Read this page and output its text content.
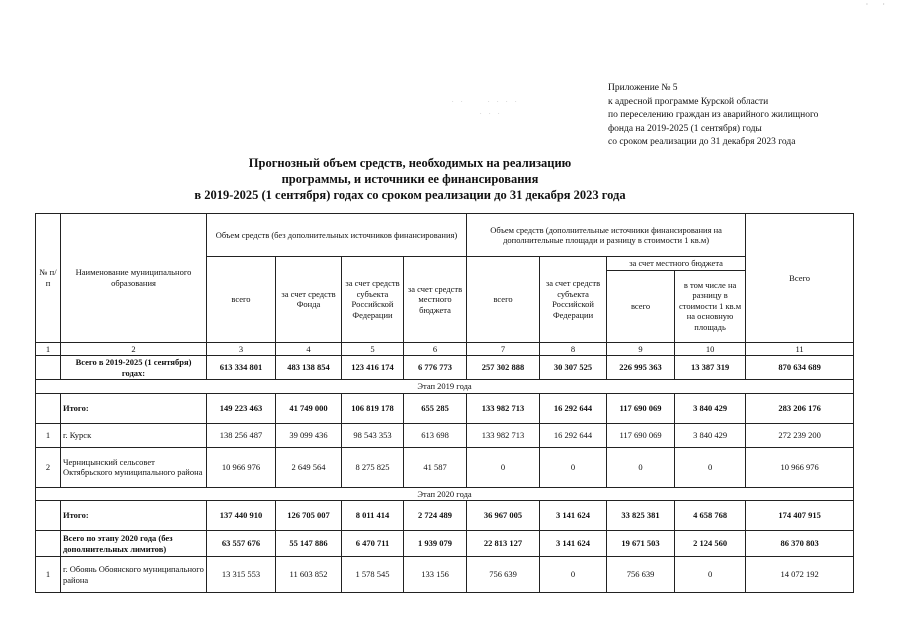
· ·
. .     . . . .
. . .
Приложение № 5
к адресной программе Курской области
по переселению граждан из аварийного жилищного
фонда на 2019-2025 (1 сентября) годы
со сроком реализации до 31 декабря 2023 года
Прогнозный объем средств, необходимых на реализацию
программы, и источники ее финансирования
в 2019-2025 (1 сентября) годах со сроком реализации до 31 декабря 2023 года
№ п/п	Наименование муниципального образования	Объем средств (без дополнительных источников финансирования)				Объем средств (дополнительные источники финансирования на дополнительные площади и разницу в стоимости 1 кв.м)				Всего
		всего	за счет средств Фонда	за счет средств субъекта Российской Федерации	за счет средств местного бюджета	всего	за счет средств субъекта Российской Федерации	за счет местного бюджета		
								всего	в том числе на разницу в стоимости 1 кв.м на основную площадь	
1	2	3	4	5	6	7	8	9	10	11
	Всего в 2019-2025 (1 сентября) годах:	613 334 801	483 138 854	123 416 174	6 776 773	257 302 888	30 307 525	226 995 363	13 387 319	870 634 689
Этап 2019 года										
	Итого:	149 223 463	41 749 000	106 819 178	655 285	133 982 713	16 292 644	117 690 069	3 840 429	283 206 176
1	г. Курск	138 256 487	39 099 436	98 543 353	613 698	133 982 713	16 292 644	117 690 069	3 840 429	272 239 200
2	Черницынский сельсовет Октябрьского муниципального района	10 966 976	2 649 564	8 275 825	41 587	0	0	0	0	10 966 976
Этап 2020 года										
	Итого:	137 440 910	126 705 007	8 011 414	2 724 489	36 967 005	3 141 624	33 825 381	4 658 768	174 407 915
	Всего по этапу 2020 года (без дополнительных лимитов)	63 557 676	55 147 886	6 470 711	1 939 079	22 813 127	3 141 624	19 671 503	2 124 560	86 370 803
1	г. Обоянь Обоянского муниципального района	13 315 553	11 603 852	1 578 545	133 156	756 639	0	756 639	0	14 072 192
